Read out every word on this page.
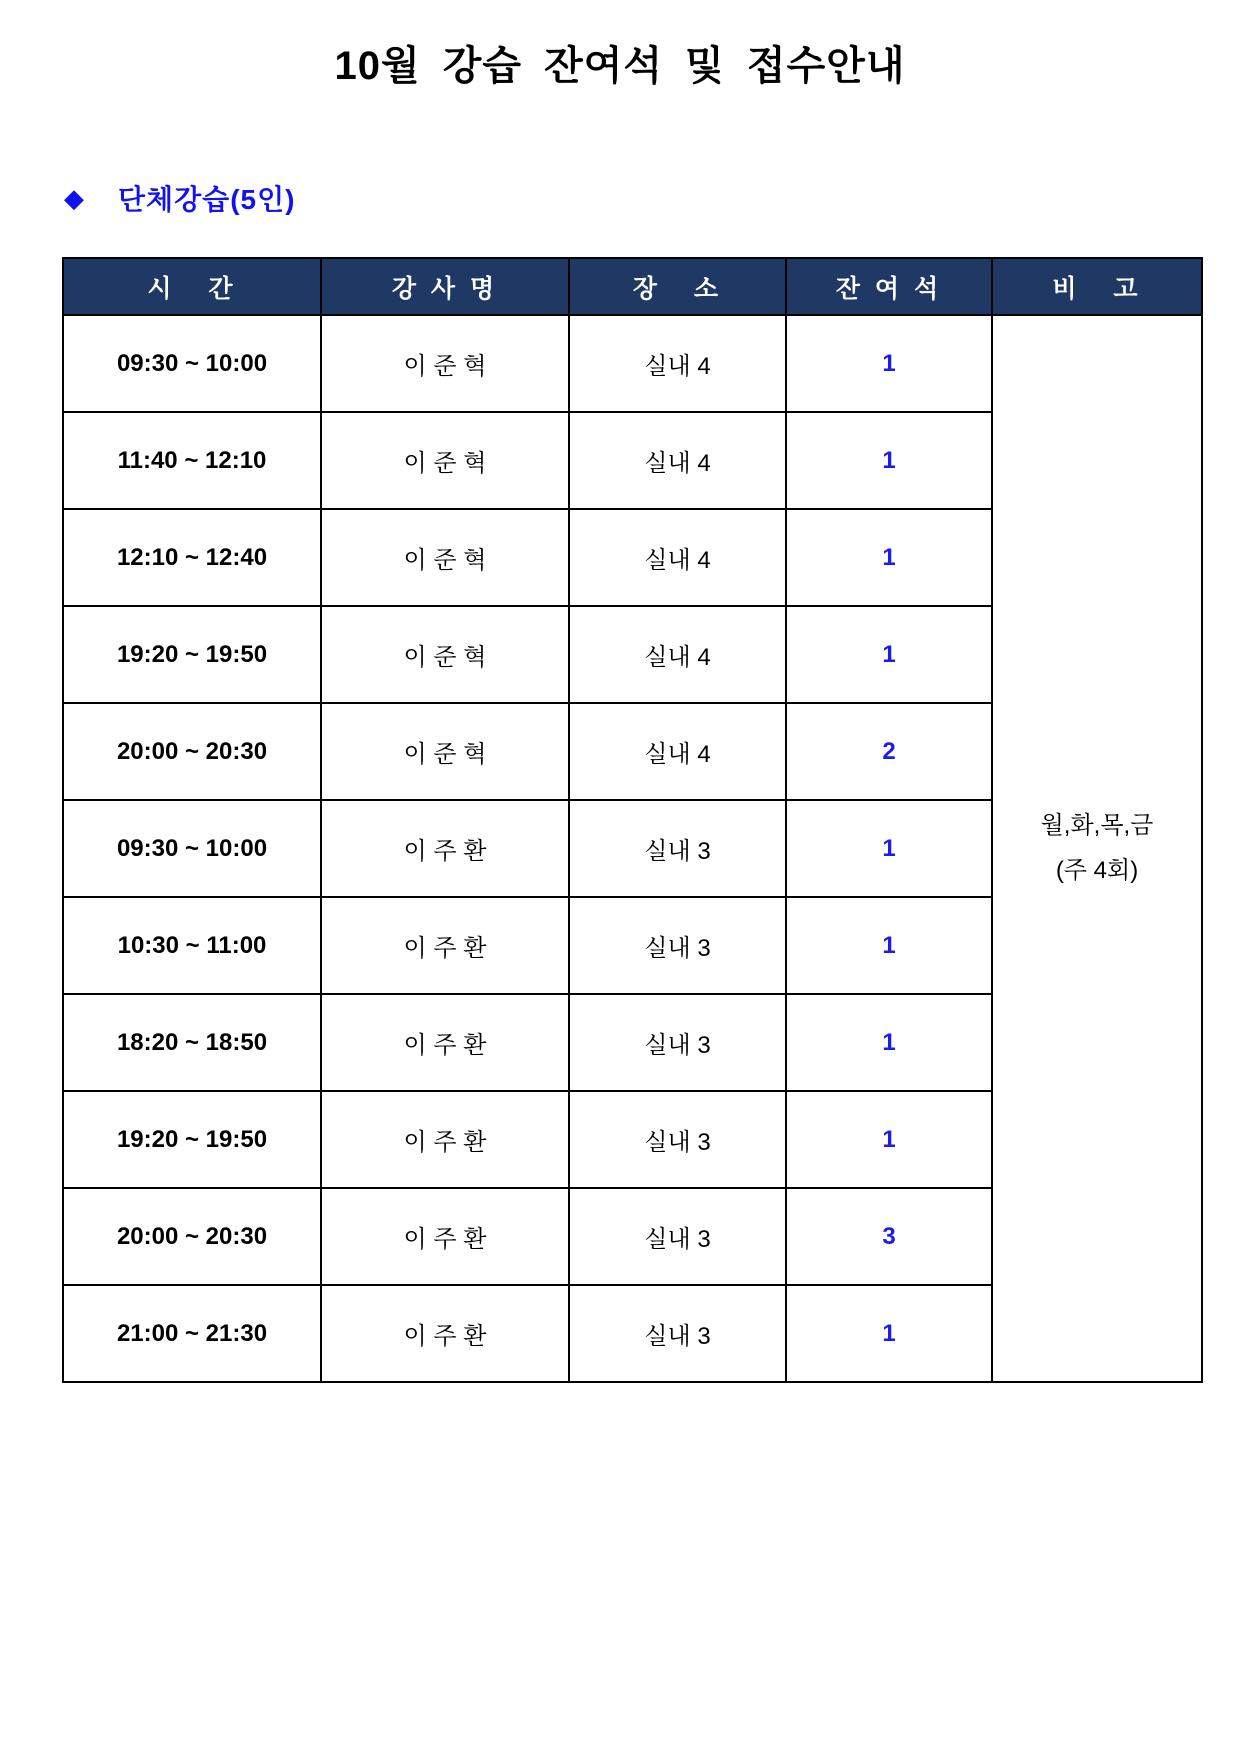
10월 강습 잔여석 및 접수안내
◆ 단체강습(5인)
시   간	강 사 명	장   소	잔 여 석	비   고
09:30 ~ 10:00	이 준 혁	실내 4	1	월,화,목,금
(주 4회)

11:40 ~ 12:10	이 준 혁	실내 4	1	
12:10 ~ 12:40	이 준 혁	실내 4	1	
19:20 ~ 19:50	이 준 혁	실내 4	1	
20:00 ~ 20:30	이 준 혁	실내 4	2	
09:30 ~ 10:00	이 주 환	실내 3	1	
10:30 ~ 11:00	이 주 환	실내 3	1	
18:20 ~ 18:50	이 주 환	실내 3	1	
19:20 ~ 19:50	이 주 환	실내 3	1	
20:00 ~ 20:30	이 주 환	실내 3	3	
21:00 ~ 21:30	이 주 환	실내 3	1	
